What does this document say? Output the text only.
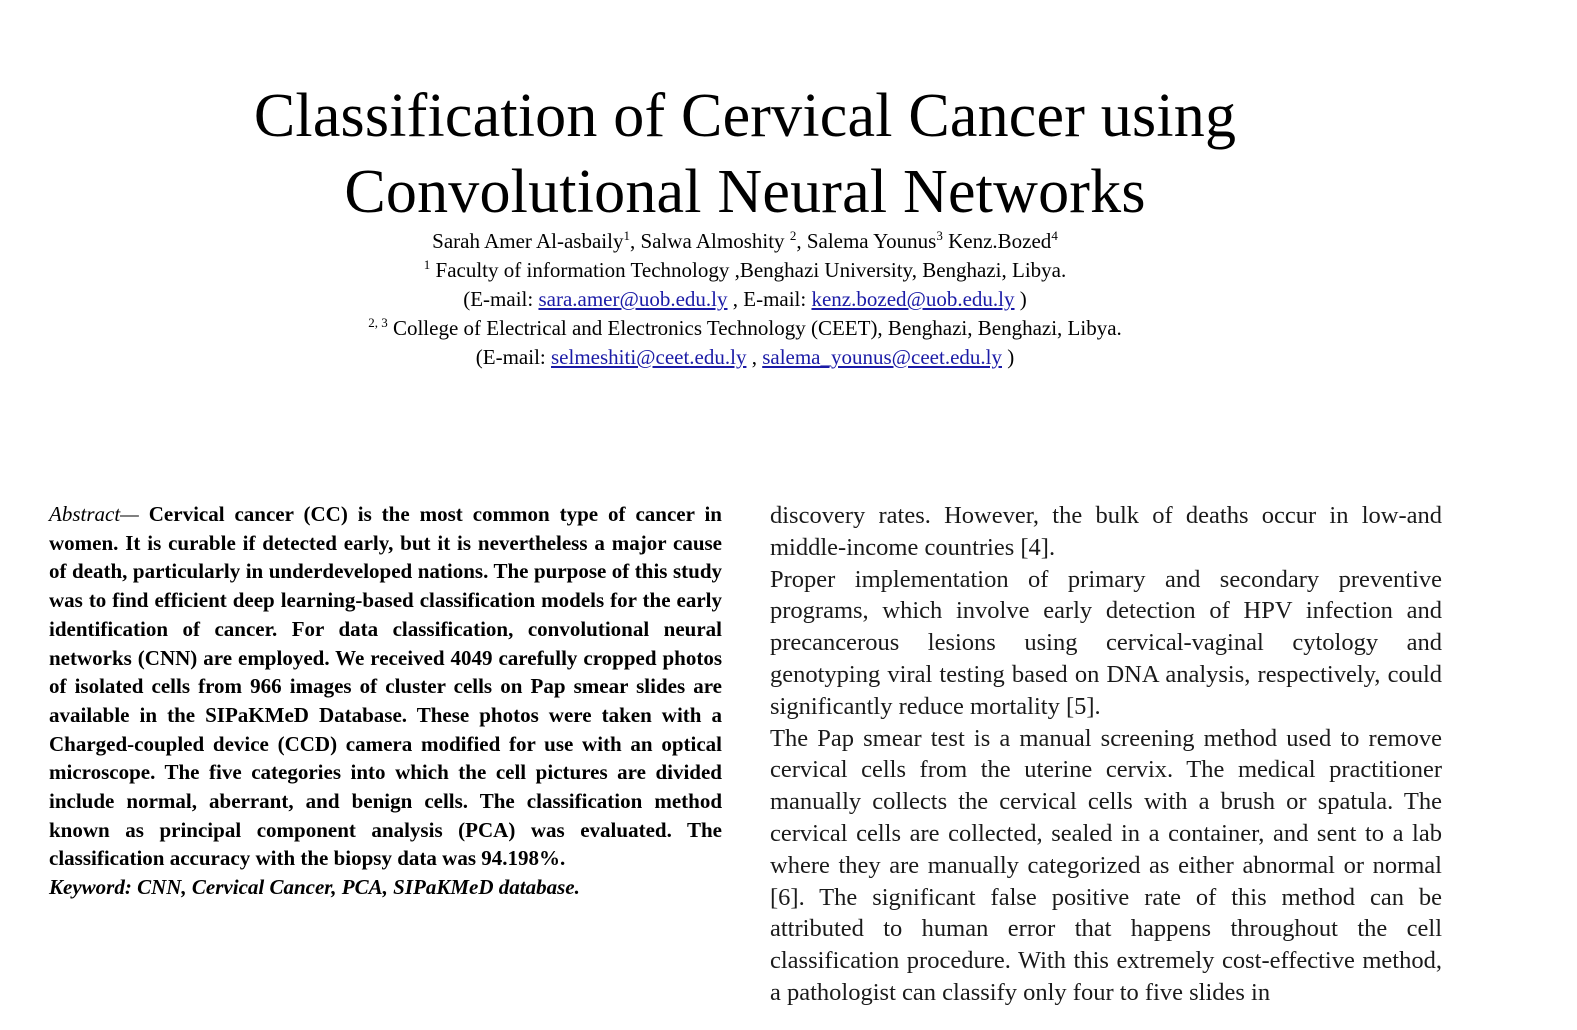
Classification of Cervical Cancer using
Convolutional Neural Networks
Sarah Amer Al-asbaily$^1$, Salwa Almoshity $^2$, Salema Younus$^3$ Kenz.Bozed$^4$
$^1$ Faculty of information Technology ,Benghazi University, Benghazi, Libya.
(E-mail: sara.amer@uob.edu.ly , E-mail: kenz.bozed@uob.edu.ly )
$^{2, 3}$ College of Electrical and Electronics Technology (CEET), Benghazi, Benghazi, Libya.
(E-mail: selmeshiti@ceet.edu.ly , salema_younus@ceet.edu.ly )

Abstract— Cervical cancer (CC) is the most common type of cancer in women. It is curable if detected early, but it is nevertheless a major cause of death, particularly in underdeveloped nations. The purpose of this study was to find efficient deep learning-based classification models for the early identification of cancer. For data classification, convolutional neural networks (CNN) are employed. We received 4049 carefully cropped photos of isolated cells from 966 images of cluster cells on Pap smear slides are available in the SIPaKMeD Database. These photos were taken with a Charged-coupled device (CCD) camera modified for use with an optical microscope. The five categories into which the cell pictures are divided include normal, aberrant, and benign cells. The classification method known as principal component analysis (PCA) was evaluated. The classification accuracy with the biopsy data was 94.198%.

Keyword: CNN, Cervical Cancer, PCA, SIPaKMeD database.

discovery rates. However, the bulk of deaths occur in low-and middle-income countries [4].

Proper implementation of primary and secondary preventive programs, which involve early detection of HPV infection and precancerous lesions using cervical-vaginal cytology and genotyping viral testing based on DNA analysis, respectively, could significantly reduce mortality [5].

The Pap smear test is a manual screening method used to remove cervical cells from the uterine cervix. The medical practitioner manually collects the cervical cells with a brush or spatula. The cervical cells are collected, sealed in a container, and sent to a lab where they are manually categorized as either abnormal or normal [6]. The significant false positive rate of this method can be attributed to human error that happens throughout the cell classification procedure. With this extremely cost-effective method, a pathologist can classify only four to five slides in
